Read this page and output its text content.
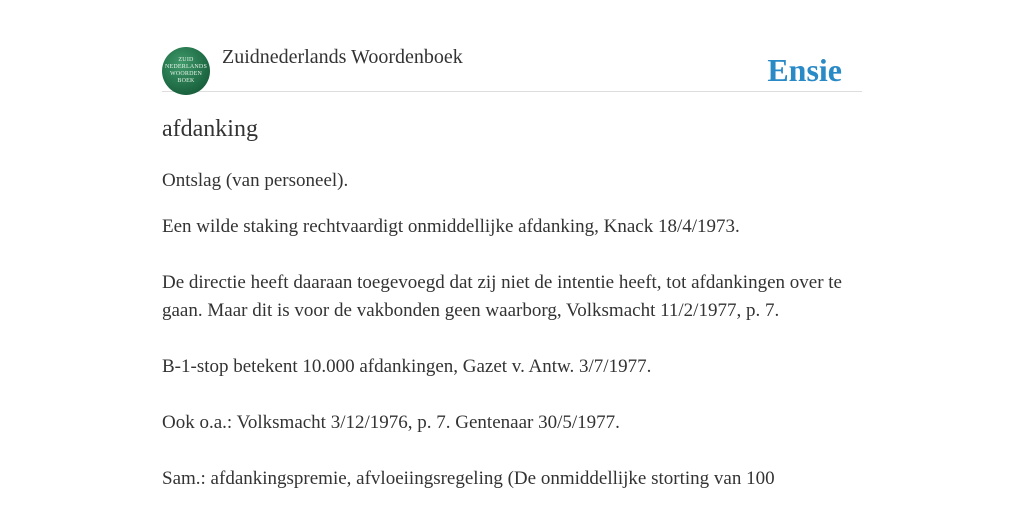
ZUID
NEDERLANDS
WOORDEN
BOEK
Zuidnederlands Woordenboek	Ensie
afdanking

Ontslag (van personeel).

Een wilde staking rechtvaardigt onmiddellijke afdanking, Knack 18/4/1973.

De directie heeft daaraan toegevoegd dat zij niet de intentie heeft, tot afdankingen over te gaan. Maar dit is voor de vakbonden geen waarborg, Volksmacht 11/2/1977, p. 7.

B-1-stop betekent 10.000 afdankingen, Gazet v. Antw. 3/7/1977.

Ook o.a.: Volksmacht 3/12/1976, p. 7. Gentenaar 30/5/1977.

Sam.: afdankingspremie, afvloeiingsregeling (De onmiddellijke storting van 100
